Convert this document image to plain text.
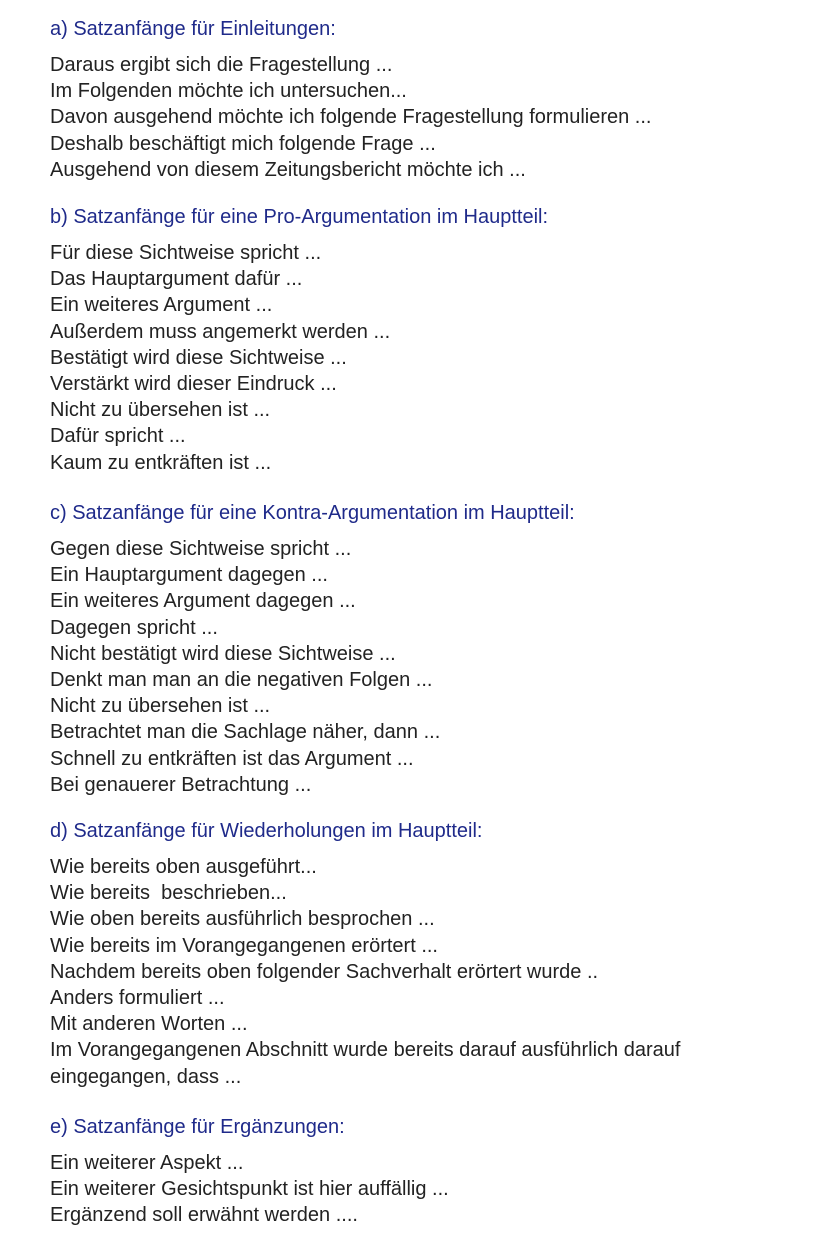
a) Satzanfänge für Einleitungen:
Daraus ergibt sich die Fragestellung ...
Im Folgenden möchte ich untersuchen...
Davon ausgehend möchte ich folgende Fragestellung formulieren ...
Deshalb beschäftigt mich folgende Frage ...
Ausgehend von diesem Zeitungsbericht möchte ich ...
b) Satzanfänge für eine Pro-Argumentation im Hauptteil:
Für diese Sichtweise spricht ...
Das Hauptargument dafür ...
Ein weiteres Argument ...
Außerdem muss angemerkt werden ...
Bestätigt wird diese Sichtweise ...
Verstärkt wird dieser Eindruck ...
Nicht zu übersehen ist ...
Dafür spricht ...
Kaum zu entkräften ist ...
c) Satzanfänge für eine Kontra-Argumentation im Hauptteil:
Gegen diese Sichtweise spricht ...
Ein Hauptargument dagegen ...
Ein weiteres Argument dagegen ...
Dagegen spricht ...
Nicht bestätigt wird diese Sichtweise ...
Denkt man man an die negativen Folgen ...
Nicht zu übersehen ist ...
Betrachtet man die Sachlage näher, dann ...
Schnell zu entkräften ist das Argument ...
Bei genauerer Betrachtung ...
d) Satzanfänge für Wiederholungen im Hauptteil:
Wie bereits oben ausgeführt...
Wie bereits  beschrieben...
Wie oben bereits ausführlich besprochen ...
Wie bereits im Vorangegangenen erörtert ...
Nachdem bereits oben folgender Sachverhalt erörtert wurde ..
Anders formuliert ...
Mit anderen Worten ...
Im Vorangegangenen Abschnitt wurde bereits darauf ausführlich darauf eingegangen, dass ...
e) Satzanfänge für Ergänzungen:
Ein weiterer Aspekt ...
Ein weiterer Gesichtspunkt ist hier auffällig ...
Ergänzend soll erwähnt werden ....
